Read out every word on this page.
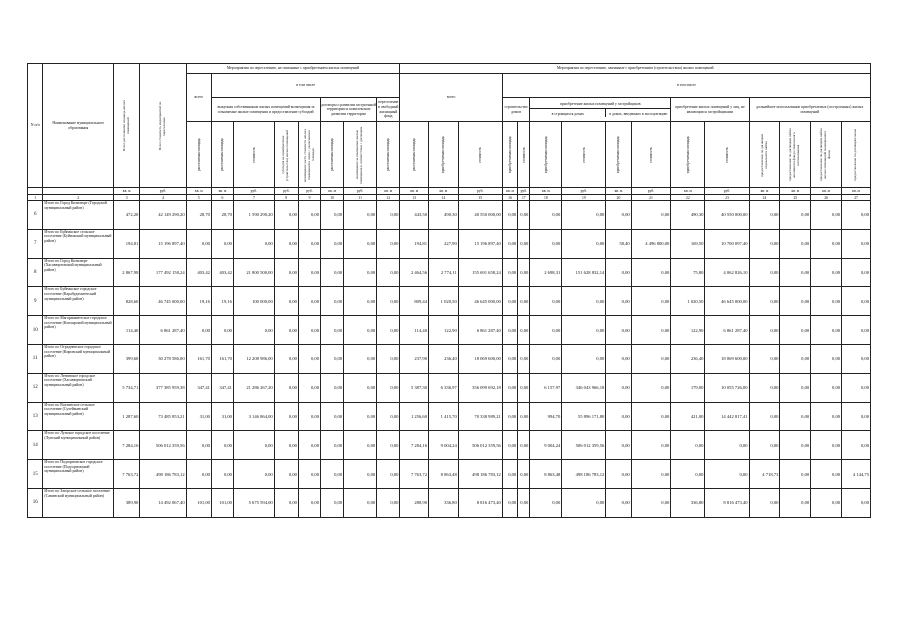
N п/п	Наименование муниципального образования	Всего расселяемая площадь жилых помещений	Всего стоимость мероприятий по переселению	Мероприятия по переселению, не связанные с приобретением жилых помещений								Мероприятия по переселению, связанные с приобретением (строительством) жилых помещений														
				всего	в том числе							всего			в том числе											
					выкупная собственникам жилых помещений возмещения за изымаемые жилые помещения и предоставление субсидий				договоры о развитии застроенной территории и комплексном развитии территории		переселение в свободный жилищный фонд				строительство домов		приобретение жилых помещений у застройщиков
в строящихся домах в домах, введенных в эксплуатацию				приобретение жилых помещений у лиц, не являющихся застройщиками		дальнейшее использование приобретаемых (построенных) жилых помещений			

				расселяемая площадь	расселяемая площадь	стоимость	субсидия на приобретение (строительство) жилых помещений	возмещение части стоимости жилых помещений в связи с увеличением площади	расселяемая площадь	возмещение за изымаемые жилые помещения в соответствии с договором	расселяемая площадь	расселяемая площадь	приобретаемая площадь	стоимость	приобретаемая площадь	стоимость	приобретаемая площадь	стоимость	приобретаемая площадь	стоимость	приобретаемая площадь	стоимость	предоставление по договорам социального найма	предоставление по договорам найма жилищного фонда социального использования	предоставление по договорам найма жилых помещений маневренного фонда	предоставление по договорам мены

		кв. м	руб.	кв. м	кв. м	руб.	руб.	руб.	кв. м	руб.	кв. м	кв. м	кв. м	руб.	кв. м	руб.	кв. м	руб.	кв. м	руб.	кв. м	руб.	кв. м	кв. м	кв. м	кв. м
1	2	3	4	5	6	7	8	9	10	11	12	13	14	15	16	17	18	19	20	21	22	23	24	25	26	27
6	Итого по Город Кизилюрт (Городской муниципальный район)	472,20	42 149 290,20	28,70	28,70	1 590 290,20	0,00	0,00	0,00	0,00	0,00	443,50	490,30	40 550 000,00	0,00	0,00	0,00	0,00	0,00	0,00	490,30	40 550 000,00	0,00	0,00	0,00	0,00
7	Итого по Буйнакское сельское поселение (Буйнакский муниципальный район)	194,81	15 196 897,40	0,00	0,00	0,00	0,00	0,00	0,00	0,00	0,00	194,81	227,90	15 196 897,40	0,00	0,00	0,00	0,00	58,40	4 496 800,00	169,50	10 700 097,40	0,00	0,00	0,00	0,00
8	Итого по Город Кизилюрт (Хасавюртовский муниципальный район)	2 867,98	177 492 158,24	403,42	403,42	21 800 500,00	0,00	0,00	0,00	0,00	0,00	2 464,56	2 774,11	155 691 658,24	0,00	0,00	2 698,31	151 628 832,14	0,00	0,00	75,80	4 062 826,10	0,00	0,00	0,00	0,00
9	Итого по Буйнакское городское поселение (Карабудахкентский муниципальный район)	828,60	46 745 000,00	19,16	19,16	100 000,00	0,00	0,00	0,00	0,00	0,00	809,44	1 020,50	46 645 000,00	0,00	0,00	0,00	0,00	0,00	0,00	1 020,50	46 645 000,00	0,00	0,00	0,00	0,00
10	Итого по Магарамкентское городское поселение (Кизлярский муниципальный район)	114,40	6 861 287,40	0,00	0,00	0,00	0,00	0,00	0,00	0,00	0,00	114,40	122,90	6 861 287,40	0,00	0,00	0,00	0,00	0,00	0,00	122,90	6 861 287,40	0,00	0,00	0,00	0,00
11	Итого по Отрадненское городское поселение (Кировский муниципальный район)	399,60	30 278 586,00	161,70	161,70	12 208 986,00	0,00	0,00	0,00	0,00	0,00	237,90	236,40	18 069 600,00	0,00	0,00	0,00	0,00	0,00	0,00	236,40	18 069 600,00	0,00	0,00	0,00	0,00
12	Итого по Ленинское городское поселение (Хасавюртовский муниципальный район)	5 734,71	377 385 959,38	347,41	347,41	21 286 267,20	0,00	0,00	0,00	0,00	0,00	5 387,30	6 336,97	356 099 692,18	0,00	0,00	6 157,97	346 043 966,18	0,00	0,00	179,00	10 055 726,00	0,00	0,00	0,00	0,00
13	Итого по Вахтинское сельское поселение (Сулейманский муниципальный район)	1 287,60	73 485 853,21	31,00	31,00	3 146 864,00	0,00	0,00	0,00	0,00	0,00	1 256,60	1 415,70	70 338 989,21	0,00	0,00	994,70	55 896 171,80	0,00	0,00	421,00	14 442 817,41	0,00	0,00	0,00	0,00
14	Итого по Лунское городское поселение (Лунский муниципальный район)	7 284,16	506 012 359,56	0,00	0,00	0,00	0,00	0,00	0,00	0,00	0,00	7 284,16	9 004,24	506 012 359,56	0,00	0,00	9 004,24	506 012 359,56	0,00	0,00	0,00	0,00	0,00	0,00	0,00	0,00
15	Итого по Подгорновское городское поселение (Подгорновский муниципальный район)	7 763,72	498 186 783,12	0,00	0,00	0,00	0,00	0,00	0,00	0,00	0,00	7 763,72	8 863,48	498 186 783,12	0,00	0,00	8 863,48	498 186 783,12	0,00	0,00	0,00	0,00	4 718,73	0,00	0,00	4 144,75
16	Итого по Загорское сельское поселение (Савинский муниципальный район)	389,90	14 492 067,40	101,00	101,00	5 675 594,00	0,00	0,00	0,00	0,00	0,00	288,90	336,80	8 816 473,40	0,00	0,00	0,00	0,00	0,00	0,00	336,80	8 816 473,40	0,00	0,00	0,00	0,00
